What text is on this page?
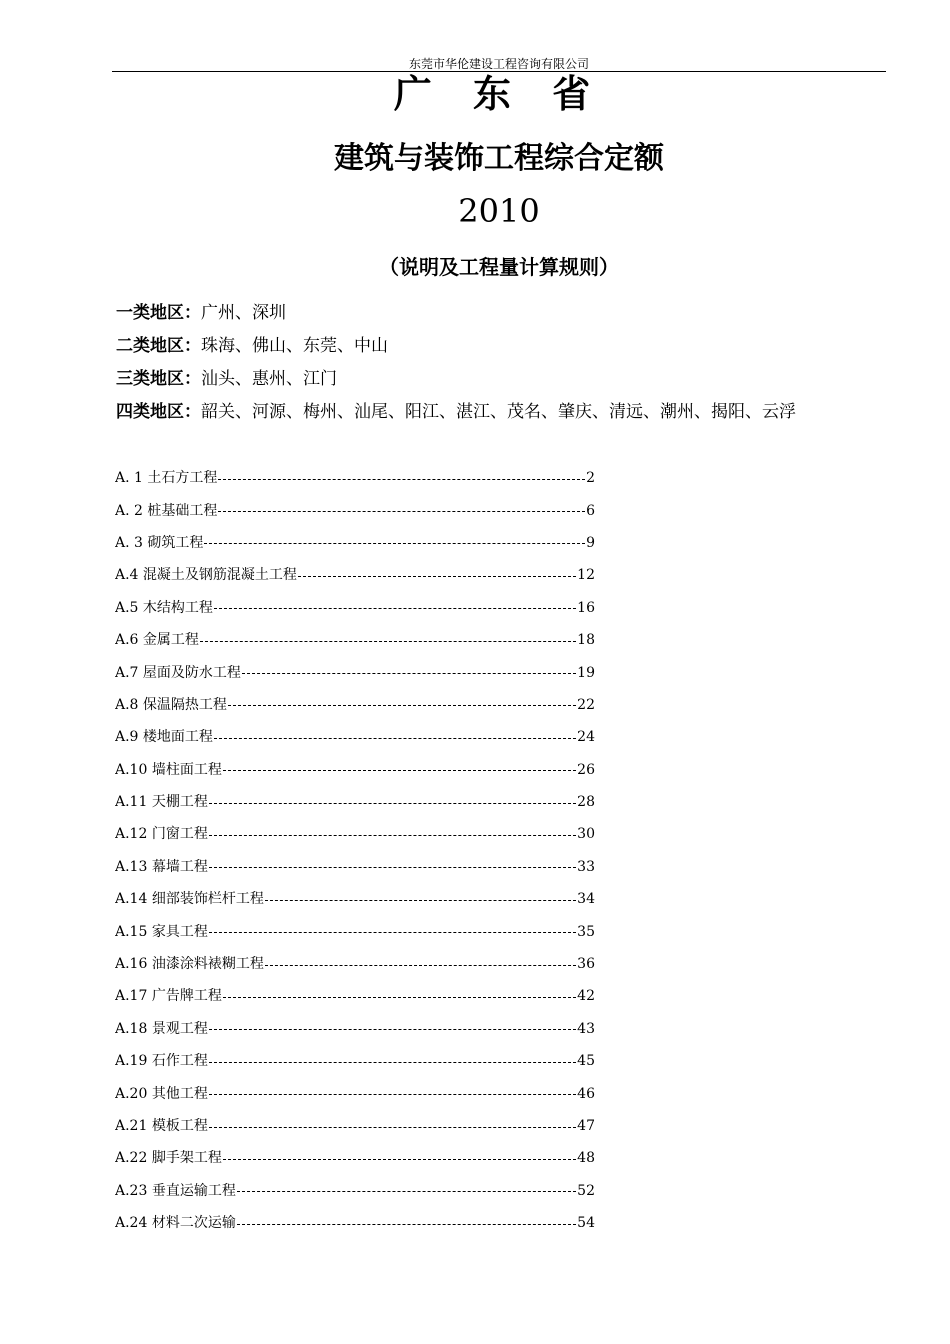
东莞市华伦建设工程咨询有限公司
广 东 省
建筑与装饰工程综合定额
2010
（说明及工程量计算规则）
一类地区：广州、深圳
二类地区：珠海、佛山、东莞、中山
三类地区：汕头、惠州、江门
四类地区：韶关、河源、梅州、汕尾、阳江、湛江、茂名、肇庆、清远、潮州、揭阳、云浮
A. 1 土石方工程	2
A. 2 桩基础工程	6
A. 3 砌筑工程	9
A.4 混凝土及钢筋混凝土工程	12
A.5 木结构工程	16
A.6 金属工程	18
A.7 屋面及防水工程	19
A.8 保温隔热工程	22
A.9 楼地面工程	24
A.10 墙柱面工程	26
A.11 天棚工程	28
A.12 门窗工程	30
A.13 幕墙工程	33
A.14 细部装饰栏杆工程	34
A.15 家具工程	35
A.16 油漆涂料裱糊工程	36
A.17 广告牌工程	42
A.18 景观工程	43
A.19 石作工程	45
A.20 其他工程	46
A.21 模板工程	47
A.22 脚手架工程	48
A.23 垂直运输工程	52
A.24 材料二次运输	54
